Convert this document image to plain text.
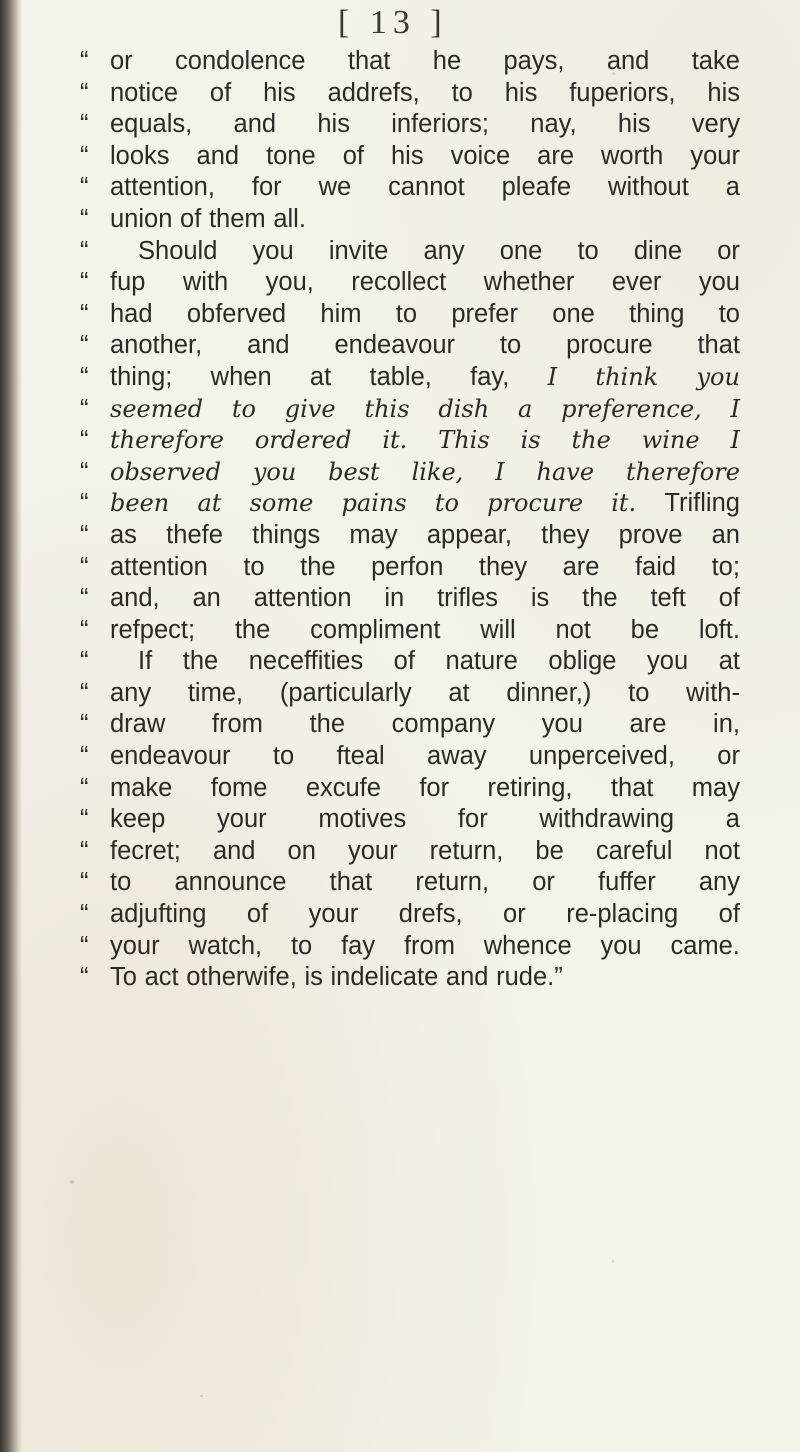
[ 13 ]
“ or condolence that he pays, and take
“ notice of his addrefs, to his fuperiors, his
“ equals, and his inferiors; nay, his very
“ looks and tone of his voice are worth your
“ attention, for we cannot pleafe without a
“ union of them all.
“	Should you invite any one to dine or
“ fup with you, recollect whether ever you
“ had obferved him to prefer one thing to
“ another, and endeavour to procure that
“ thing; when at table, fay, I think you
“ seemed to give this dish a preference, I
“ therefore ordered it. This is the wine I
“ observed you best like, I have therefore
“ been at some pains to procure it. Trifling
“ as thefe things may appear, they prove an
“ attention to the perfon they are faid to;
“ and, an attention in trifles is the teft of
“ refpect; the compliment will not be loft.
“	If the neceffities of nature oblige you at
“ any time, (particularly at dinner,) to with-
“ draw from the company you are in,
“ endeavour to fteal away unperceived, or
“ make fome excufe for retiring, that may
“ keep your motives for withdrawing a
“ fecret; and on your return, be careful not
“ to announce that return, or fuffer any
“ adjufting of your drefs, or re-placing of
“ your watch, to fay from whence you came.
“ To act otherwife, is indelicate and rude.”
